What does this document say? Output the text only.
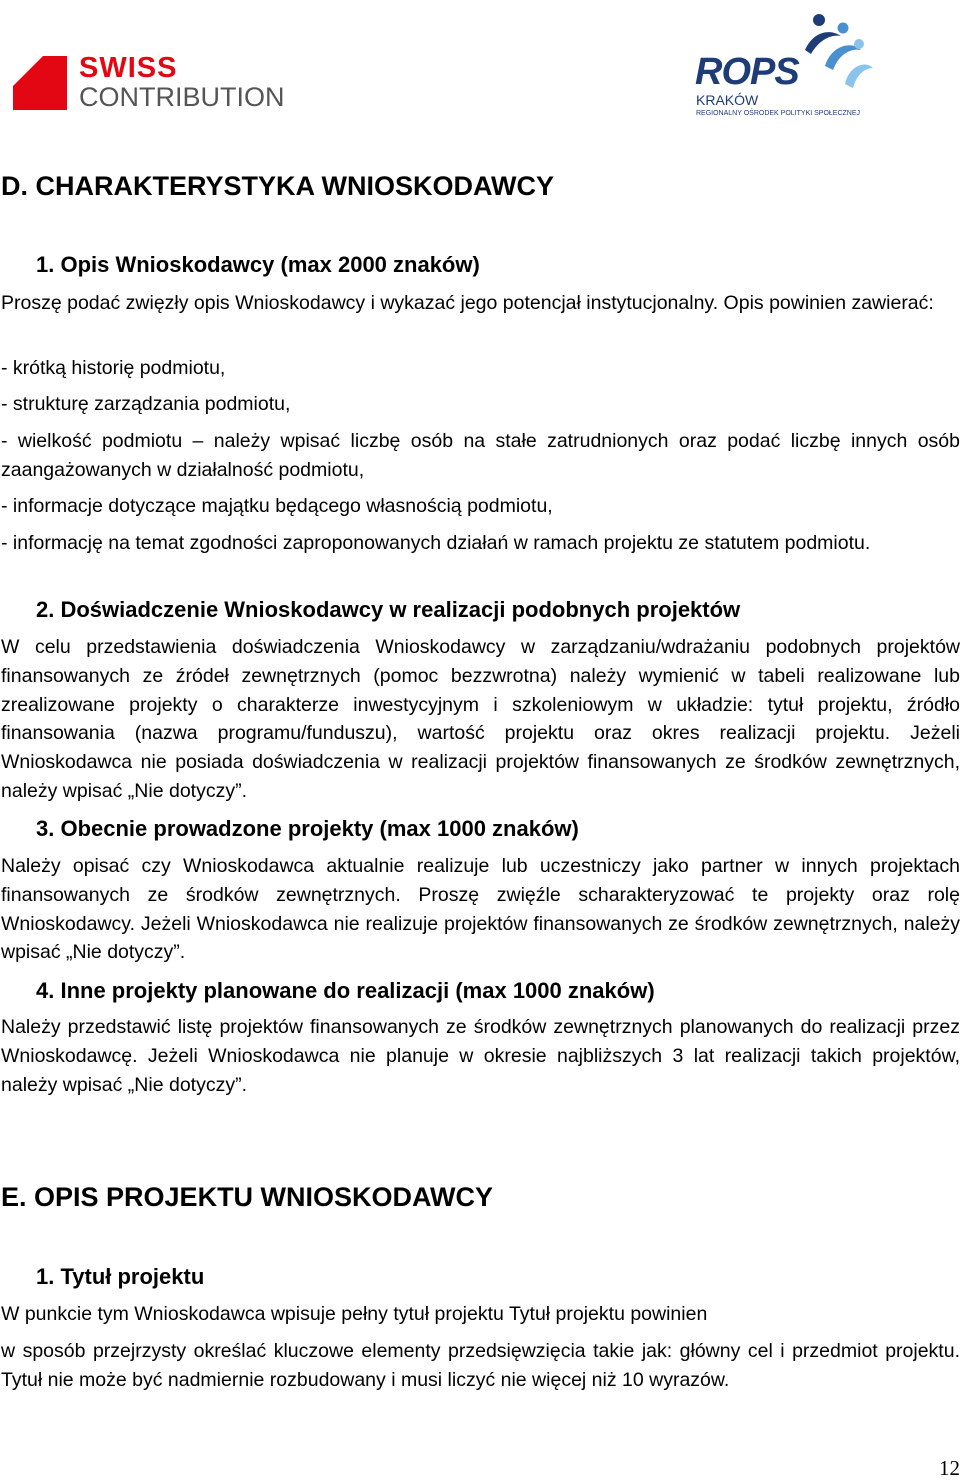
SWISS
CONTRIBUTION
ROPS
KRAKÓW
REGIONALNY OŚRODEK POLITYKI SPOŁECZNEJ
D. CHARAKTERYSTYKA WNIOSKODAWCY
1. Opis Wnioskodawcy (max 2000 znaków)
Proszę podać zwięzły opis Wnioskodawcy i wykazać jego potencjał instytucjonalny. Opis powinien zawierać:
- krótką historię podmiotu,
- strukturę zarządzania podmiotu,
- wielkość podmiotu – należy wpisać liczbę osób na stałe zatrudnionych oraz podać liczbę innych osób zaangażowanych w działalność podmiotu,
- informacje dotyczące majątku będącego własnością podmiotu,
- informację na temat zgodności zaproponowanych działań w ramach projektu ze statutem podmiotu.
2. Doświadczenie Wnioskodawcy w realizacji podobnych projektów
W celu przedstawienia doświadczenia Wnioskodawcy w zarządzaniu/wdrażaniu podobnych projektów finansowanych ze źródeł zewnętrznych (pomoc bezzwrotna) należy wymienić w tabeli realizowane lub zrealizowane projekty o charakterze inwestycyjnym i szkoleniowym w układzie: tytuł projektu, źródło finansowania (nazwa programu/funduszu), wartość projektu oraz okres realizacji projektu. Jeżeli Wnioskodawca nie posiada doświadczenia w realizacji projektów finansowanych ze środków zewnętrznych, należy wpisać „Nie dotyczy”.
3. Obecnie prowadzone projekty (max 1000 znaków)
Należy opisać czy Wnioskodawca aktualnie realizuje lub uczestniczy jako partner w innych projektach finansowanych ze środków zewnętrznych. Proszę zwięźle scharakteryzować te projekty oraz rolę Wnioskodawcy. Jeżeli Wnioskodawca nie realizuje projektów finansowanych ze środków zewnętrznych, należy wpisać „Nie dotyczy”.
4. Inne projekty planowane do realizacji (max 1000 znaków)
Należy przedstawić listę projektów finansowanych ze środków zewnętrznych planowanych do realizacji przez Wnioskodawcę. Jeżeli Wnioskodawca nie planuje w okresie najbliższych 3 lat realizacji takich projektów, należy wpisać „Nie dotyczy”.
E. OPIS PROJEKTU WNIOSKODAWCY
1. Tytuł projektu
W punkcie tym Wnioskodawca wpisuje pełny tytuł projektu Tytuł projektu powinien
w sposób przejrzysty określać kluczowe elementy przedsięwzięcia takie jak: główny cel i przedmiot projektu. Tytuł nie może być nadmiernie rozbudowany i musi liczyć nie więcej niż 10 wyrazów.
12
